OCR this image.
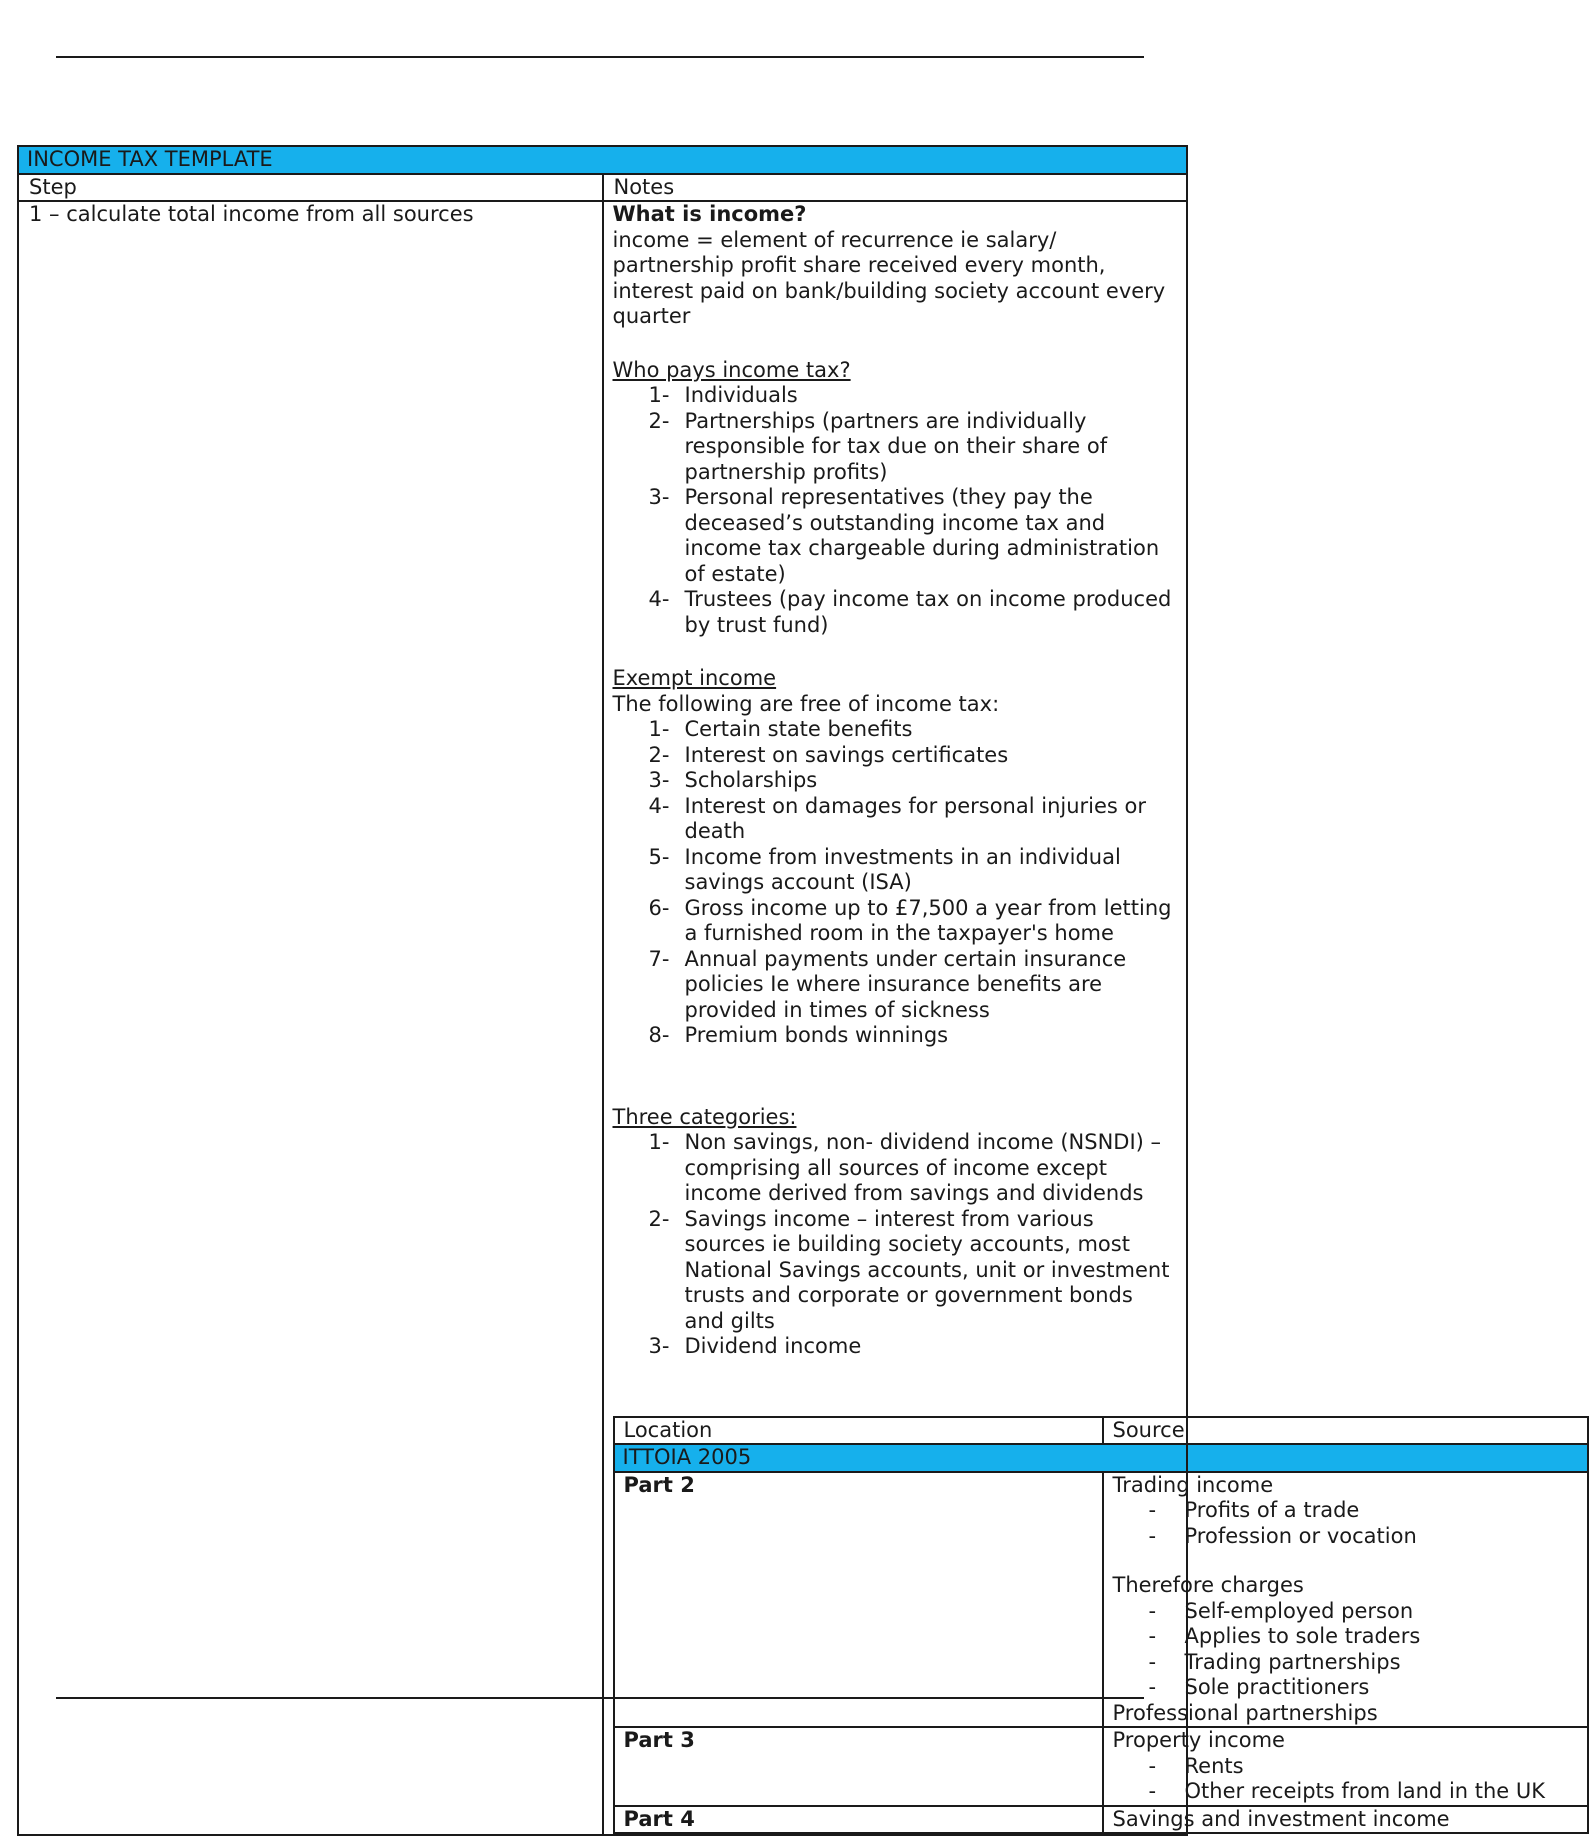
INCOME TAX TEMPLATE
Step	Notes
1 – calculate total income from all sources	What is income?
income = element of recurrence ie salary/ partnership profit share received every month, interest paid on bank/building society account every quarter
Who pays income tax?
1- Individuals
2- Partnerships (partners are individually responsible for tax due on their share of partnership profits)
3- Personal representatives (they pay the deceased’s outstanding income tax and income tax chargeable during administration of estate)
4- Trustees (pay income tax on income produced by trust fund)
Exempt income
The following are free of income tax:
1- Certain state benefits
2- Interest on savings certificates
3- Scholarships
4- Interest on damages for personal injuries or death
5- Income from investments in an individual savings account (ISA)
6- Gross income up to £7,500 a year from letting a furnished room in the taxpayer's home
7- Annual payments under certain insurance policies Ie where insurance benefits are provided in times of sickness
8- Premium bonds winnings
Three categories:
1- Non savings, non- dividend income (NSNDI) – comprising all sources of income except income derived from savings and dividends
2- Savings income – interest from various sources ie building society accounts, most National Savings accounts, unit or investment trusts and corporate or government bonds and gilts
3- Dividend income
Location	Source
ITTOIA 2005
Part 2	Trading income
- Profits of a trade
- Profession or vocation
Therefore charges
- Self-employed person
- Applies to sole traders
- Trading partnerships
- Sole practitioners
Professional partnerships

Part 3	Property income
- Rents
- Other receipts from land in the UK

Part 4	Savings and investment income
